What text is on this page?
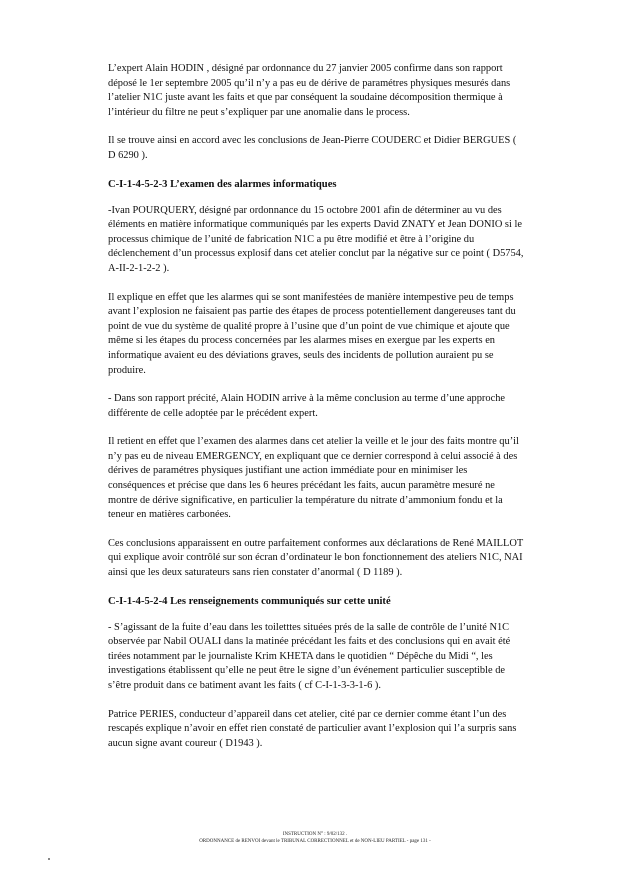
L’expert Alain HODIN , désigné par ordonnance du 27 janvier 2005 confirme dans son rapport déposé le 1er septembre 2005 qu’il n’y a pas eu de dérive de paramétres physiques mesurés dans l’atelier N1C juste avant les faits et que par conséquent la soudaine décomposition thermique à l’intérieur du filtre ne peut s’expliquer par une anomalie dans le process.

Il se trouve ainsi en accord avec les conclusions de Jean-Pierre COUDERC et Didier BERGUES ( D 6290 ).

C-I-1-4-5-2-3 L’examen des alarmes informatiques

-Ivan POURQUERY, désigné par ordonnance du 15 octobre 2001 afin de déterminer au vu des éléments en matière informatique communiqués par les experts David ZNATY et Jean DONIO si le processus chimique de l’unité de fabrication N1C a pu être modifié et être à l’origine du déclenchement d’un processus explosif dans cet atelier conclut par la négative sur ce point ( D5754, A-II-2-1-2-2 ).

Il explique en effet que les alarmes qui se sont manifestées de manière intempestive peu de temps avant l’explosion ne faisaient pas partie des étapes de process potentiellement dangereuses tant du point de vue du système de qualité propre à l’usine que d’un point de vue chimique et ajoute que même si les étapes du process concernées par les alarmes mises en exergue par les experts en informatique avaient eu des déviations graves, seuls des incidents de pollution auraient pu se produire.

- Dans son rapport précité, Alain HODIN arrive à la même conclusion au terme d’une approche différente de celle adoptée par le précédent expert.

Il retient en effet que l’examen des alarmes dans cet atelier la veille et le jour des faits montre qu’il n’y pas eu de niveau EMERGENCY, en expliquant que ce dernier correspond à celui associé à des dérives de paramétres physiques justifiant une action immédiate pour en minimiser les conséquences et précise que dans les 6 heures précédant les faits, aucun paramètre mesuré ne montre de dérive significative, en particulier la température du nitrate d’ammonium fondu et la teneur en matières carbonées.

Ces conclusions apparaissent en outre parfaitement conformes aux déclarations de René MAILLOT qui explique avoir contrôlé sur son écran d’ordinateur le bon fonctionnement des ateliers N1C, NAI ainsi que les deux saturateurs sans rien constater d’anormal ( D 1189 ).

C-I-1-4-5-2-4 Les renseignements communiqués sur cette unité

- S’agissant de la fuite d’eau dans les toiletttes situées prés de la salle de contrôle de l’unité N1C observée par Nabil OUALI dans la matinée précédant les faits et des conclusions qui en avait été tirées notamment par le journaliste Krim KHETA dans le quotidien “ Dépêche du Midi “, les investigations établissent qu’elle ne peut être le signe d’un événement particulier susceptible de s’être produit dans ce batiment avant les faits ( cf C-I-1-3-3-1-6 ).

Patrice PERIES, conducteur d’appareil dans cet atelier, cité par ce dernier comme étant l’un des rescapés explique n’avoir en effet rien constaté de particulier avant l’explosion qui l’a surpris sans aucun signe avant coureur ( D1943 ).

INSTRUCTION N° : 9/02/132 .
ORDONNANCE de RENVOI devant le TRIBUNAL CORRECTIONNEL et de NON-LIEU PARTIEL - page 131 -
